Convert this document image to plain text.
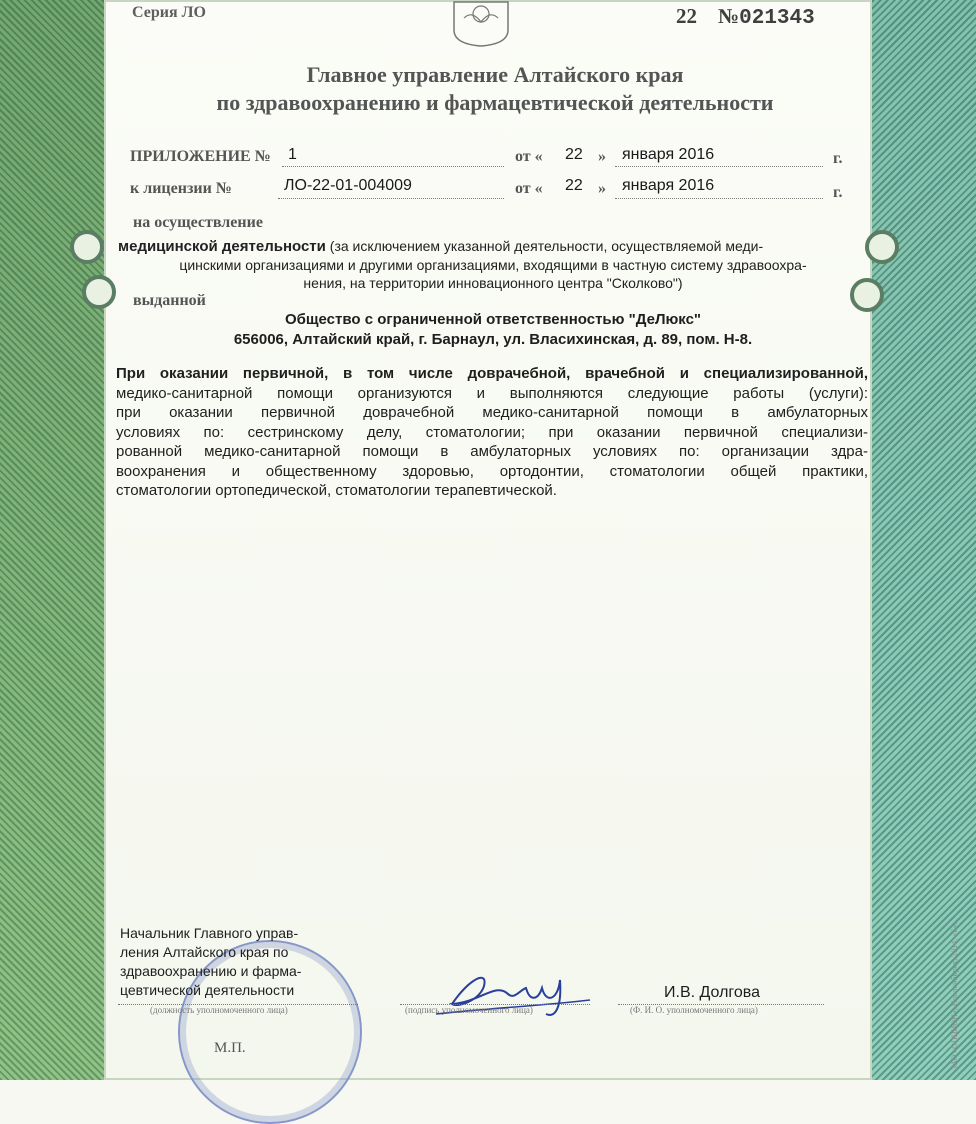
Серия ЛО	22 №021343
Главное управление Алтайского края
по здравоохранению и фармацевтической деятельности
ПРИЛОЖЕНИЕ № 1	от « 22 » января 2016	г.
к лицензии №	ЛО-22-01-004009	от « 22 » января 2016	г.
на осуществление
медицинской деятельности (за исключением указанной деятельности, осуществляемой меди-
цинскими организациями и другими организациями, входящими в частную систему здравоохра-
нения, на территории инновационного центра "Сколково")
выданной
Общество с ограниченной ответственностью "ДеЛюкс"
656006, Алтайский край, г. Барнаул, ул. Власихинская, д. 89, пом. Н-8.
При оказании первичной, в том числе доврачебной, врачебной и специализированной,
медико-санитарной помощи организуются и выполняются следующие работы (услуги):
при оказании первичной доврачебной медико-санитарной помощи в амбулаторных
условиях по: сестринскому делу, стоматологии; при оказании первичной специализи-
рованной медико-санитарной помощи в амбулаторных условиях по: организации здра-
воохранения и общественному здоровью, ортодонтии, стоматологии общей практики,
стоматологии ортопедической, стоматологии терапевтической.
Начальник Главного управ-
ления Алтайского края по
здравоохранению и фарма-
цевтической деятельности
(должность уполномоченного лица)	(подпись уполномоченного лица)
И.В. Долгова
(Ф. И. О. уполномоченного лица)
М.П.	ЗАО «ОПЦИОН», Новосибирск, 2014, «Б».
